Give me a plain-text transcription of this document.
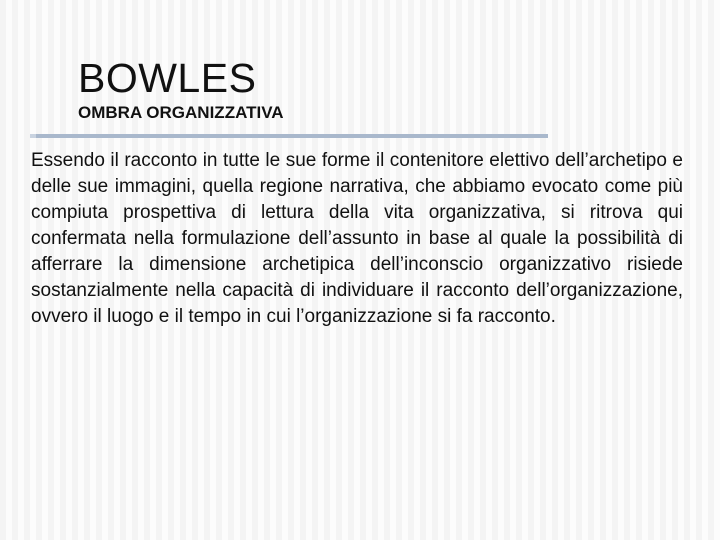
BOWLES
OMBRA ORGANIZZATIVA

Essendo il racconto in tutte le sue forme il contenitore elettivo dell’archetipo e delle sue immagini, quella regione narrativa, che abbiamo evocato come più compiuta prospettiva di lettura della vita organizzativa, si ritrova qui confermata nella formulazione dell’assunto in base al quale la possibilità di afferrare la dimensione archetipica dell’inconscio organizzativo risiede sostanzialmente nella capacità di individuare il racconto dell’organizzazione, ovvero il luogo e il tempo in cui l’organizzazione si fa racconto.
